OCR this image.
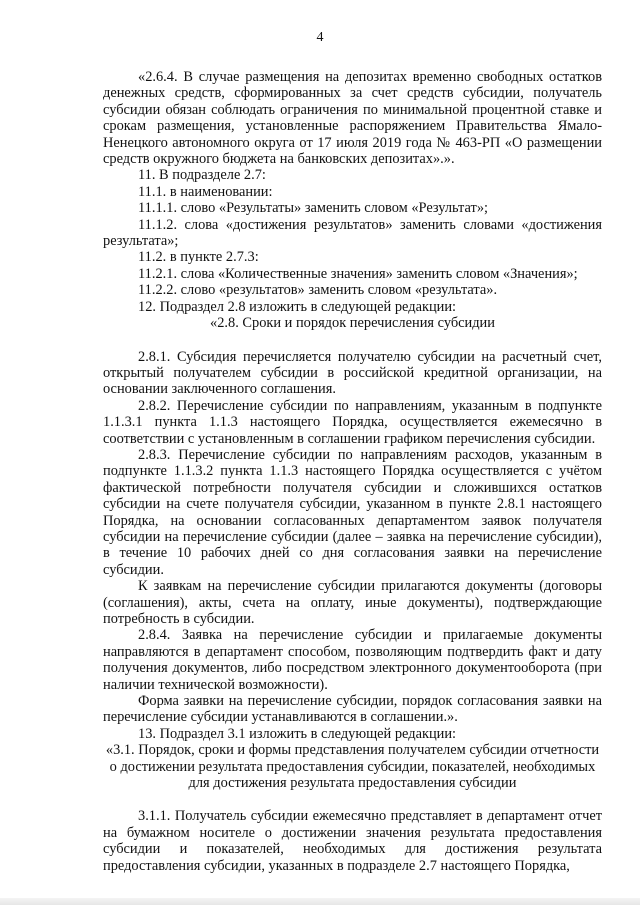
4

«2.6.4. В случае размещения на депозитах временно свободных остатков денежных средств, сформированных за счет средств субсидии, получатель субсидии обязан соблюдать ограничения по минимальной процентной ставке и срокам размещения, установленные распоряжением Правительства Ямало-Ненецкого автономного округа от 17 июля 2019 года № 463-РП «О размещении средств окружного бюджета на банковских депозитах».».

11. В подразделе 2.7:

11.1. в наименовании:

11.1.1. слово «Результаты» заменить словом «Результат»;

11.1.2. слова «достижения результатов» заменить словами «достижения результата»;

11.2. в пункте 2.7.3:

11.2.1. слова «Количественные значения» заменить словом «Значения»;

11.2.2. слово «результатов» заменить словом «результата».

12. Подраздел 2.8 изложить в следующей редакции:

«2.8. Сроки и порядок перечисления субсидии

2.8.1. Субсидия перечисляется получателю субсидии на расчетный счет, открытый получателем субсидии в российской кредитной организации, на основании заключенного соглашения.

2.8.2. Перечисление субсидии по направлениям, указанным в подпункте 1.1.3.1 пункта 1.1.3 настоящего Порядка, осуществляется ежемесячно в соответствии с установленным в соглашении графиком перечисления субсидии.

2.8.3. Перечисление субсидии по направлениям расходов, указанным в подпункте 1.1.3.2 пункта 1.1.3 настоящего Порядка осуществляется с учётом фактической потребности получателя субсидии и сложившихся остатков субсидии на счете получателя субсидии, указанном в пункте 2.8.1 настоящего Порядка, на основании согласованных департаментом заявок получателя субсидии на перечисление субсидии (далее – заявка на перечисление субсидии), в течение 10 рабочих дней со дня согласования заявки на перечисление субсидии.

К заявкам на перечисление субсидии прилагаются документы (договоры (соглашения), акты, счета на оплату, иные документы), подтверждающие потребность в субсидии.

2.8.4. Заявка на перечисление субсидии и прилагаемые документы направляются в департамент способом, позволяющим подтвердить факт и дату получения документов, либо посредством электронного документооборота (при наличии технической возможности).

Форма заявки на перечисление субсидии, порядок согласования заявки на перечисление субсидии устанавливаются в соглашении.».

13. Подраздел 3.1 изложить в следующей редакции:

«3.1. Порядок, сроки и формы представления получателем субсидии отчетности о достижении результата предоставления субсидии, показателей, необходимых для достижения результата предоставления субсидии

3.1.1. Получатель субсидии ежемесячно представляет в департамент отчет на бумажном носителе о достижении значения результата предоставления субсидии и показателей, необходимых для достижения результата предоставления субсидии, указанных в подразделе 2.7 настоящего Порядка,
